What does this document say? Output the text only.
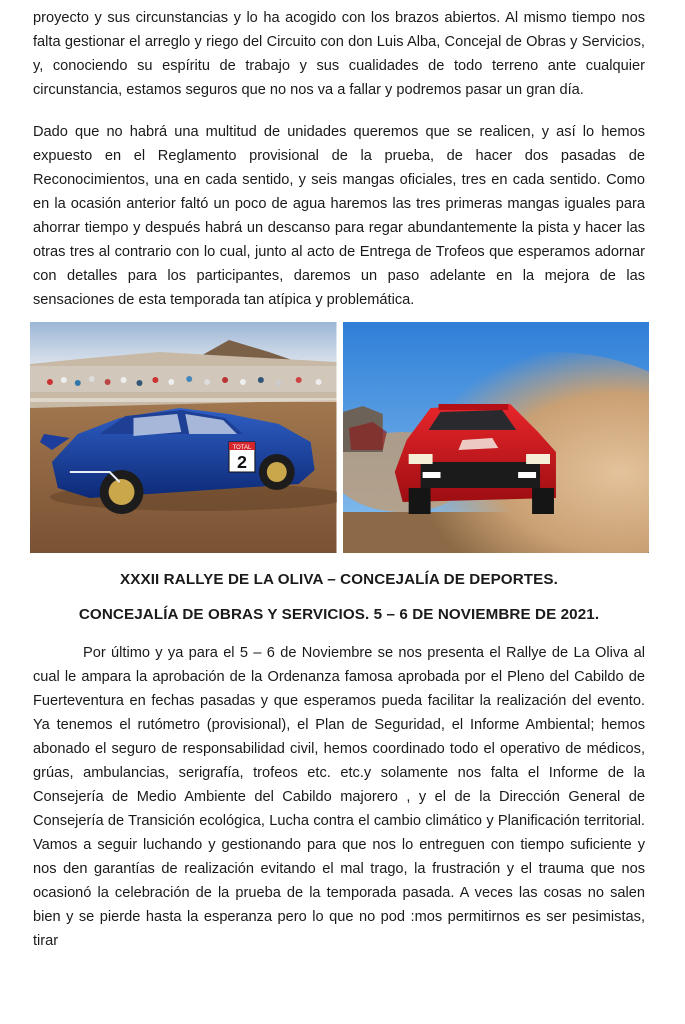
proyecto y sus circunstancias y lo ha acogido con los brazos abiertos. Al mismo tiempo nos falta gestionar el arreglo y riego del Circuito con don Luis Alba, Concejal de Obras y Servicios, y, conociendo su espíritu de trabajo y sus cualidades de todo terreno ante cualquier circunstancia, estamos seguros que no nos va a fallar y podremos pasar un gran día.

Dado que no habrá una multitud de unidades queremos que se realicen, y así lo hemos expuesto en el Reglamento provisional de la prueba, de hacer dos pasadas de Reconocimientos, una en cada sentido, y seis mangas oficiales, tres en cada sentido. Como en la ocasión anterior faltó un poco de agua haremos las tres primeras mangas iguales para ahorrar tiempo y después habrá un descanso para regar abundantemente la pista y hacer las otras tres al contrario con lo cual, junto al acto de Entrega de Trofeos que esperamos adornar con detalles para los participantes, daremos un paso adelante en la mejora de las sensaciones de esta temporada tan atípica y problemática.

TOTAL
2
XXXII RALLYE DE LA OLIVA – CONCEJALÍA DE DEPORTES.
CONCEJALÍA DE OBRAS Y SERVICIOS. 5 – 6 DE NOVIEMBRE DE 2021.

Por último y ya para el 5 – 6 de Noviembre se nos presenta el Rallye de La Oliva al cual le ampara la aprobación de la Ordenanza famosa aprobada por el Pleno del Cabildo de Fuerteventura en fechas pasadas y que esperamos pueda facilitar la realización del evento. Ya tenemos el rutómetro (provisional), el Plan de Seguridad, el Informe Ambiental; hemos abonado el seguro de responsabilidad civil, hemos coordinado todo el operativo de médicos, grúas, ambulancias, serigrafía, trofeos etc. etc.y solamente nos falta el Informe de la Consejería de Medio Ambiente del Cabildo majorero , y el de la Dirección General de Consejería de Transición ecológica, Lucha contra el cambio climático y Planificación territorial. Vamos a seguir luchando y gestionando para que nos lo entreguen con tiempo suficiente y nos den garantías de realización evitando el mal trago, la frustración y el trauma que nos ocasionó la celebración de la prueba de la temporada pasada. A veces las cosas no salen bien y se pierde hasta la esperanza pero lo que no pod :mos permitirnos es ser pesimistas, tirar
